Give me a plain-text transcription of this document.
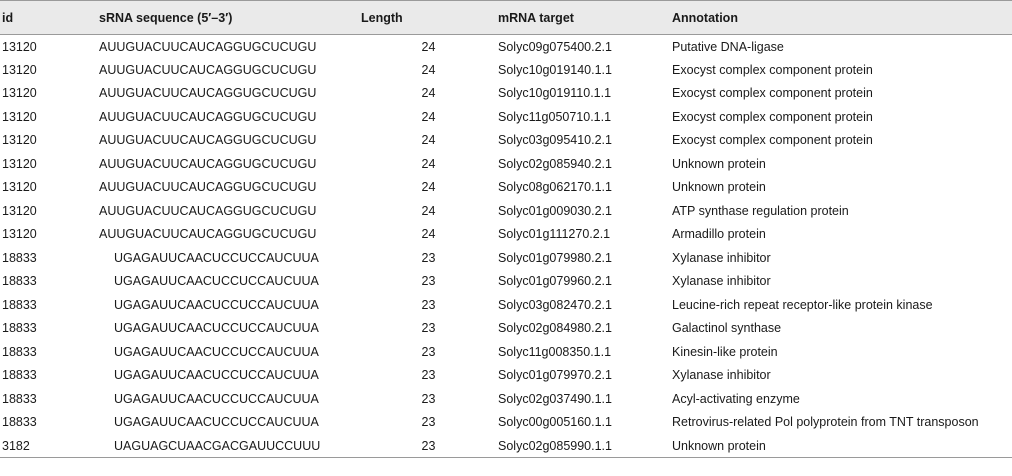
id	sRNA sequence (5′–3′)	Length	mRNA target	Annotation
13120	AUUGUACUUCAUCAGGUGCUCUGU	24	Solyc09g075400.2.1	Putative DNA-ligase
13120	AUUGUACUUCAUCAGGUGCUCUGU	24	Solyc10g019140.1.1	Exocyst complex component protein
13120	AUUGUACUUCAUCAGGUGCUCUGU	24	Solyc10g019110.1.1	Exocyst complex component protein
13120	AUUGUACUUCAUCAGGUGCUCUGU	24	Solyc11g050710.1.1	Exocyst complex component protein
13120	AUUGUACUUCAUCAGGUGCUCUGU	24	Solyc03g095410.2.1	Exocyst complex component protein
13120	AUUGUACUUCAUCAGGUGCUCUGU	24	Solyc02g085940.2.1	Unknown protein
13120	AUUGUACUUCAUCAGGUGCUCUGU	24	Solyc08g062170.1.1	Unknown protein
13120	AUUGUACUUCAUCAGGUGCUCUGU	24	Solyc01g009030.2.1	ATP synthase regulation protein
13120	AUUGUACUUCAUCAGGUGCUCUGU	24	Solyc01g111270.2.1	Armadillo protein
18833	UGAGAUUCAACUCCUCCAUCUUA	23	Solyc01g079980.2.1	Xylanase inhibitor
18833	UGAGAUUCAACUCCUCCAUCUUA	23	Solyc01g079960.2.1	Xylanase inhibitor
18833	UGAGAUUCAACUCCUCCAUCUUA	23	Solyc03g082470.2.1	Leucine-rich repeat receptor-like protein kinase
18833	UGAGAUUCAACUCCUCCAUCUUA	23	Solyc02g084980.2.1	Galactinol synthase
18833	UGAGAUUCAACUCCUCCAUCUUA	23	Solyc11g008350.1.1	Kinesin-like protein
18833	UGAGAUUCAACUCCUCCAUCUUA	23	Solyc01g079970.2.1	Xylanase inhibitor
18833	UGAGAUUCAACUCCUCCAUCUUA	23	Solyc02g037490.1.1	Acyl-activating enzyme
18833	UGAGAUUCAACUCCUCCAUCUUA	23	Solyc00g005160.1.1	Retrovirus-related Pol polyprotein from TNT transposon
3182	UAGUAGCUAACGACGAUUCCUUU	23	Solyc02g085990.1.1	Unknown protein
